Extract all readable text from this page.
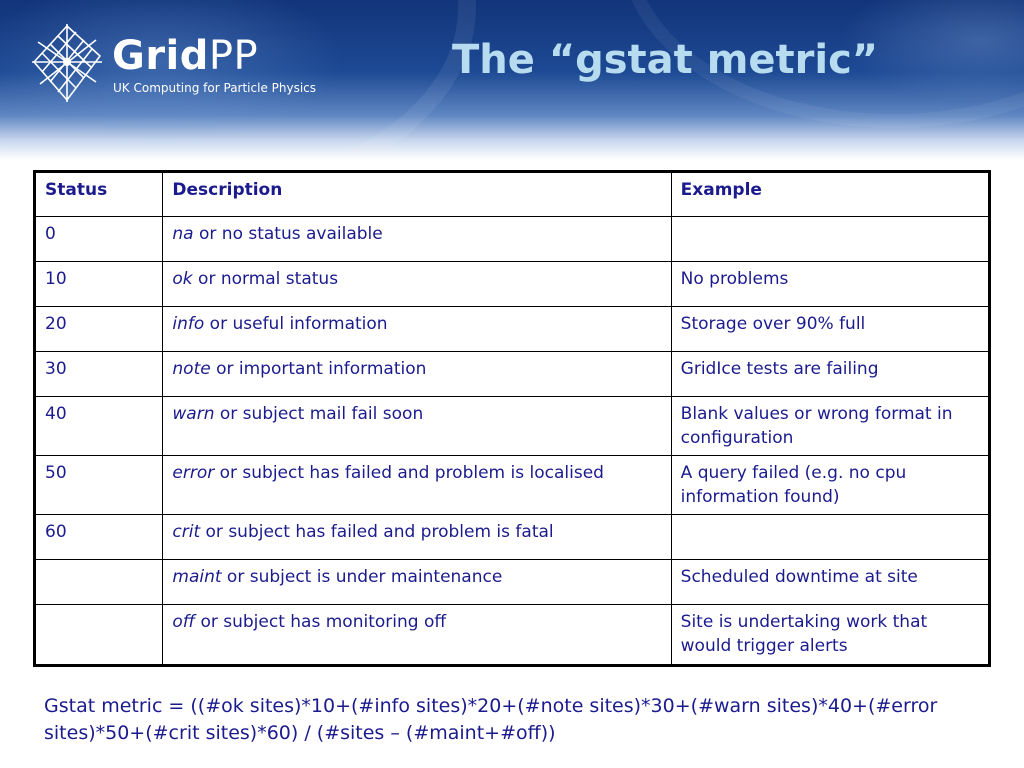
GridPP
UK Computing for Particle Physics
The “gstat metric”
Status	Description	Example
0	na or no status available	
10	ok or normal status	No problems
20	info or useful information	Storage over 90% full
30	note or important information	GridIce tests are failing
40	warn or subject mail fail soon	Blank values or wrong format in configuration
50	error or subject has failed and problem is localised	A query failed (e.g. no cpu information found)
60	crit or subject has failed and problem is fatal	
	maint or subject is under maintenance	Scheduled downtime at site
	off or subject has monitoring off	Site is undertaking work that would trigger alerts
Gstat metric = ((#ok sites)*10+(#info sites)*20+(#note sites)*30+(#warn sites)*40+(#error sites)*50+(#crit sites)*60) / (#sites – (#maint+#off))
